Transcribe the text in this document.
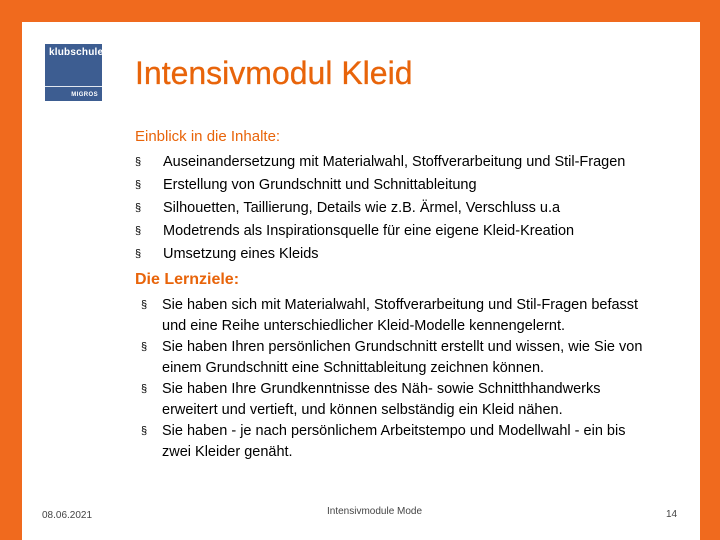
klubschule
MIGROS
Intensivmodul Kleid
Einblick in die Inhalte:
§ Auseinandersetzung mit Materialwahl, Stoffverarbeitung und Stil-Fragen
§ Erstellung von Grundschnitt und Schnittableitung
§ Silhouetten, Taillierung, Details wie z.B. Ärmel, Verschluss u.a
§ Modetrends als Inspirationsquelle für eine eigene Kleid-Kreation
§ Umsetzung eines Kleids
Die Lernziele:
§ Sie haben sich mit Materialwahl, Stoffverarbeitung und Stil-Fragen befasst
und eine Reihe unterschiedlicher Kleid-Modelle kennengelernt.
§ Sie haben Ihren persönlichen Grundschnitt erstellt und wissen, wie Sie von
einem Grundschnitt eine Schnittableitung zeichnen können.
§ Sie haben Ihre Grundkenntnisse des Näh- sowie Schnitthhandwerks
erweitert und vertieft, und können selbständig ein Kleid nähen.
§ Sie haben - je nach persönlichem Arbeitstempo und Modellwahl - ein bis
zwei Kleider genäht.
08.06.2021	Intensivmodule Mode	14
